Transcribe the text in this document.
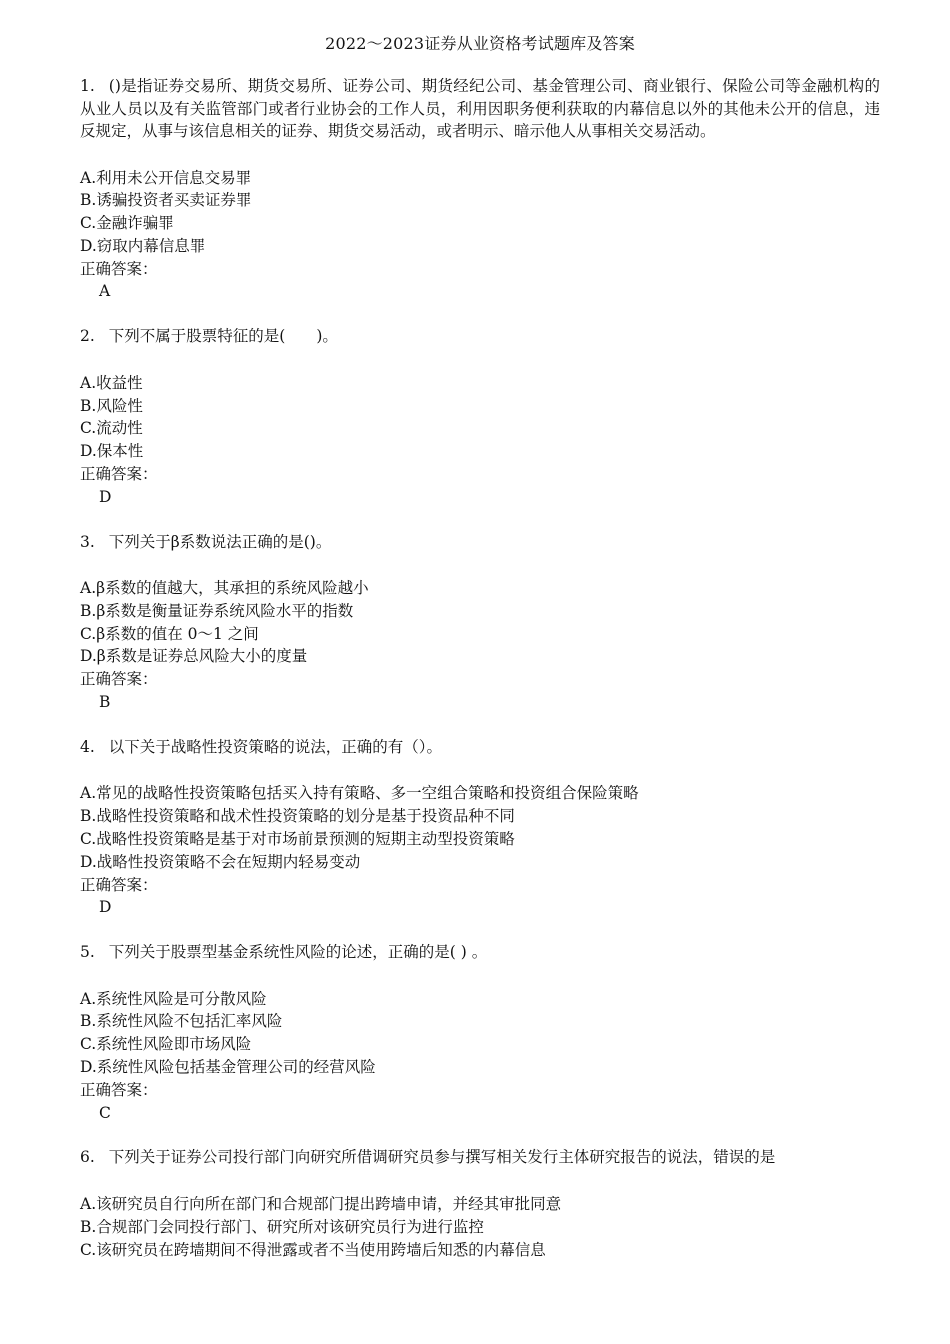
2022～2023证券从业资格考试题库及答案
1. ()是指证券交易所、期货交易所、证券公司、期货经纪公司、基金管理公司、商业银行、保险公司等金融机构的从业人员以及有关监管部门或者行业协会的工作人员，利用因职务便利获取的内幕信息以外的其他未公开的信息，违反规定，从事与该信息相关的证券、期货交易活动，或者明示、暗示他人从事相关交易活动。
A.利用未公开信息交易罪
B.诱骗投资者买卖证券罪
C.金融诈骗罪
D.窃取内幕信息罪
正确答案：
A
2. 下列不属于股票特征的是(　　)。
A.收益性
B.风险性
C.流动性
D.保本性
正确答案：
D
3. 下列关于β系数说法正确的是()。
A.β系数的值越大，其承担的系统风险越小
B.β系数是衡量证券系统风险水平的指数
C.β系数的值在 0～1 之间
D.β系数是证券总风险大小的度量
正确答案：
B
4. 以下关于战略性投资策略的说法，正确的有（）。
A.常见的战略性投资策略包括买入持有策略、多一空组合策略和投资组合保险策略
B.战略性投资策略和战术性投资策略的划分是基于投资品种不同
C.战略性投资策略是基于对市场前景预测的短期主动型投资策略
D.战略性投资策略不会在短期内轻易变动
正确答案：
D
5. 下列关于股票型基金系统性风险的论述，正确的是( ) 。
A.系统性风险是可分散风险
B.系统性风险不包括汇率风险
C.系统性风险即市场风险
D.系统性风险包括基金管理公司的经营风险
正确答案：
C
6. 下列关于证券公司投行部门向研究所借调研究员参与撰写相关发行主体研究报告的说法，错误的是
A.该研究员自行向所在部门和合规部门提出跨墙申请，并经其审批同意
B.合规部门会同投行部门、研究所对该研究员行为进行监控
C.该研究员在跨墙期间不得泄露或者不当使用跨墙后知悉的内幕信息
